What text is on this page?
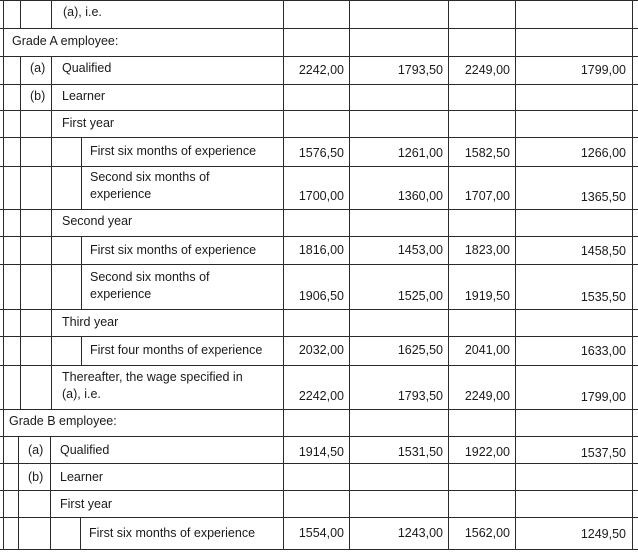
(a), i.e.
Grade A employee:
(a) Qualified	2242,00	1793,50	2249,00	1799,00
(b) Learner
First year
First six months of experience	1576,50	1261,00	1582,50	1266,00
Second six months of
experience	1700,00	1360,00	1707,00	1365,50
Second year
First six months of experience	1816,00	1453,00	1823,00	1458,50
Second six months of
experience	1906,50	1525,00	1919,50	1535,50
Third year
First four months of experience	2032,00	1625,50	2041,00	1633,00
Thereafter, the wage specified in
(a), i.e.	2242,00	1793,50	2249,00	1799,00
Grade B employee:
(a) Qualified	1914,50	1531,50	1922,00	1537,50
(b) Learner
First year
First six months of experience	1554,00	1243,00	1562,00	1249,50
